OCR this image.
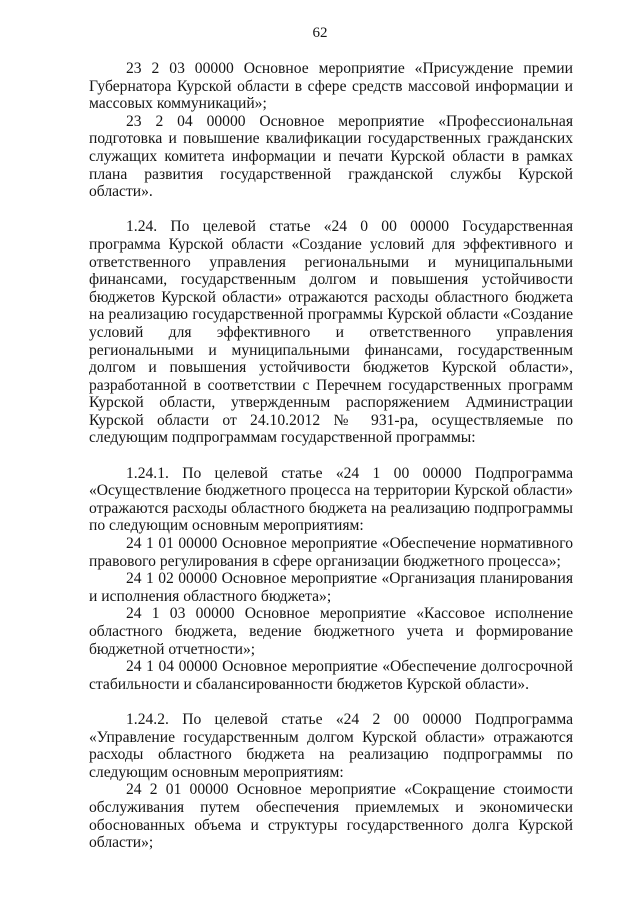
62

23 2 03 00000 Основное мероприятие «Присуждение премии Губернатора Курской области в сфере средств массовой информации и массовых коммуникаций»;

23 2 04 00000 Основное мероприятие «Профессиональная подготовка и повышение квалификации государственных гражданских служащих комитета информации и печати Курской области в рамках плана развития государственной гражданской службы Курской области».

1.24. По целевой статье «24 0 00 00000 Государственная программа Курской области «Создание условий для эффективного и ответственного управления региональными и муниципальными финансами, государственным долгом и повышения устойчивости бюджетов Курской области» отражаются расходы областного бюджета на реализацию государственной программы Курской области «Создание условий для эффективного и ответственного управления региональными и муниципальными финансами, государственным долгом и повышения устойчивости бюджетов Курской области», разработанной в соответствии с Перечнем государственных программ Курской области, утвержденным распоряжением Администрации Курской области от 24.10.2012 № 931-ра, осуществляемые по следующим подпрограммам государственной программы:

1.24.1. По целевой статье «24 1 00 00000 Подпрограмма «Осуществление бюджетного процесса на территории Курской области» отражаются расходы областного бюджета на реализацию подпрограммы по следующим основным мероприятиям:

24 1 01 00000 Основное мероприятие «Обеспечение нормативного правового регулирования в сфере организации бюджетного процесса»;

24 1 02 00000 Основное мероприятие «Организация планирования и исполнения областного бюджета»;

24 1 03 00000 Основное мероприятие «Кассовое исполнение областного бюджета, ведение бюджетного учета и формирование бюджетной отчетности»;

24 1 04 00000 Основное мероприятие «Обеспечение долгосрочной стабильности и сбалансированности бюджетов Курской области».

1.24.2. По целевой статье «24 2 00 00000 Подпрограмма «Управление государственным долгом Курской области» отражаются расходы областного бюджета на реализацию подпрограммы по следующим основным мероприятиям:

24 2 01 00000 Основное мероприятие «Сокращение стоимости обслуживания путем обеспечения приемлемых и экономически обоснованных объема и структуры государственного долга Курской области»;
